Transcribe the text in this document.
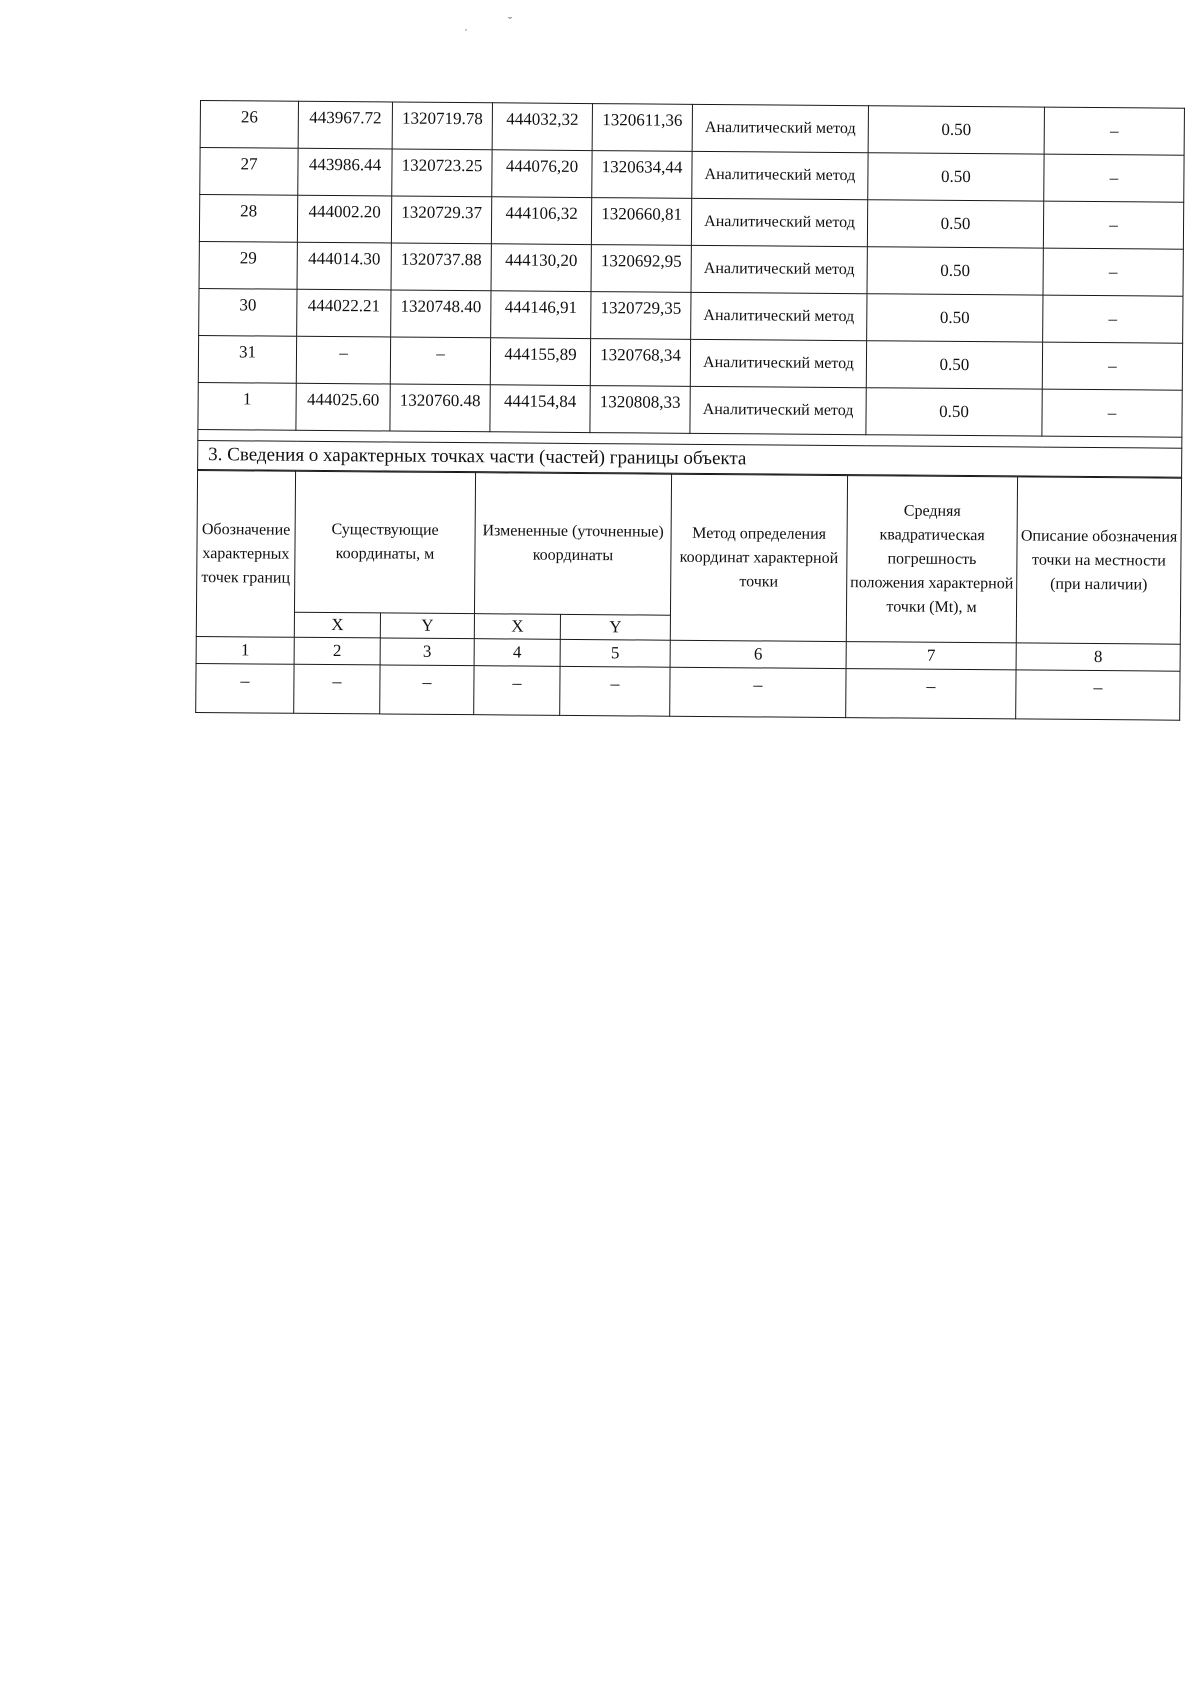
˘
˙
26	443967.72	1320719.78	444032,32	1320611,36	Аналитический метод	0.50	–
27	443986.44	1320723.25	444076,20	1320634,44	Аналитический метод	0.50	–
28	444002.20	1320729.37	444106,32	1320660,81	Аналитический метод	0.50	–
29	444014.30	1320737.88	444130,20	1320692,95	Аналитический метод	0.50	–
30	444022.21	1320748.40	444146,91	1320729,35	Аналитический метод	0.50	–
31	–	–	444155,89	1320768,34	Аналитический метод	0.50	–
1	444025.60	1320760.48	444154,84	1320808,33	Аналитический метод	0.50	–

3. Сведения о характерных точках части (частей) границы объекта							
Обозначение характерных точек границ	Существующие координаты, м		Измененные (уточненные) координаты		Метод определения координат характерной точки	Средняя квадратическая погрешность положения характерной точки (Mt), м	Описание обозначения точки на местности (при наличии)
	X	Y	X	Y			
1	2	3	4	5	6	7	8
–	–	–	–	–	–	–	–
